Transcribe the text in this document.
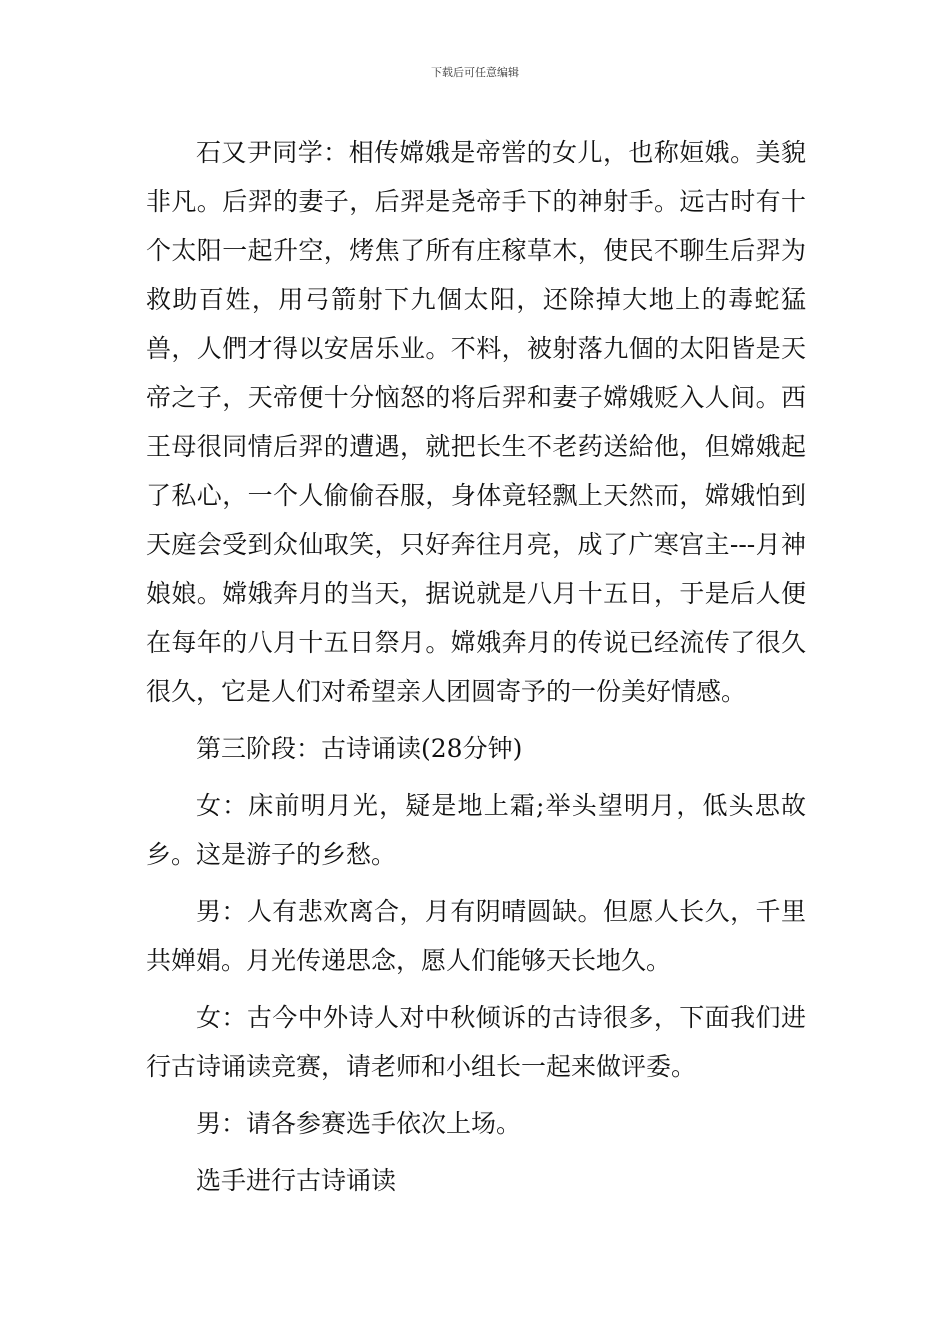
下载后可任意编辑

石又尹同学：相传嫦娥是帝喾的女儿，也称姮娥。美貌非凡。后羿的妻子，后羿是尧帝手下的神射手。远古时有十个太阳一起升空，烤焦了所有庄稼草木，使民不聊生后羿为救助百姓，用弓箭射下九個太阳，还除掉大地上的毒蛇猛兽，人們才得以安居乐业。不料，被射落九個的太阳皆是天帝之子，天帝便十分恼怒的将后羿和妻子嫦娥贬入人间。西王母很同情后羿的遭遇，就把长生不老药送給他，但嫦娥起了私心，一个人偷偷吞服，身体竟轻飘上天然而，嫦娥怕到天庭会受到众仙取笑，只好奔往月亮，成了广寒宫主---月神娘娘。嫦娥奔月的当天，据说就是八月十五日，于是后人便在每年的八月十五日祭月。嫦娥奔月的传说已经流传了很久很久，它是人们对希望亲人团圆寄予的一份美好情感。

第三阶段：古诗诵读(28分钟)

女：床前明月光，疑是地上霜;举头望明月，低头思故乡。这是游子的乡愁。

男：人有悲欢离合，月有阴晴圆缺。但愿人长久，千里共婵娟。月光传递思念，愿人们能够天长地久。

女：古今中外诗人对中秋倾诉的古诗很多，下面我们进行古诗诵读竞赛，请老师和小组长一起来做评委。

男：请各参赛选手依次上场。

选手进行古诗诵读
